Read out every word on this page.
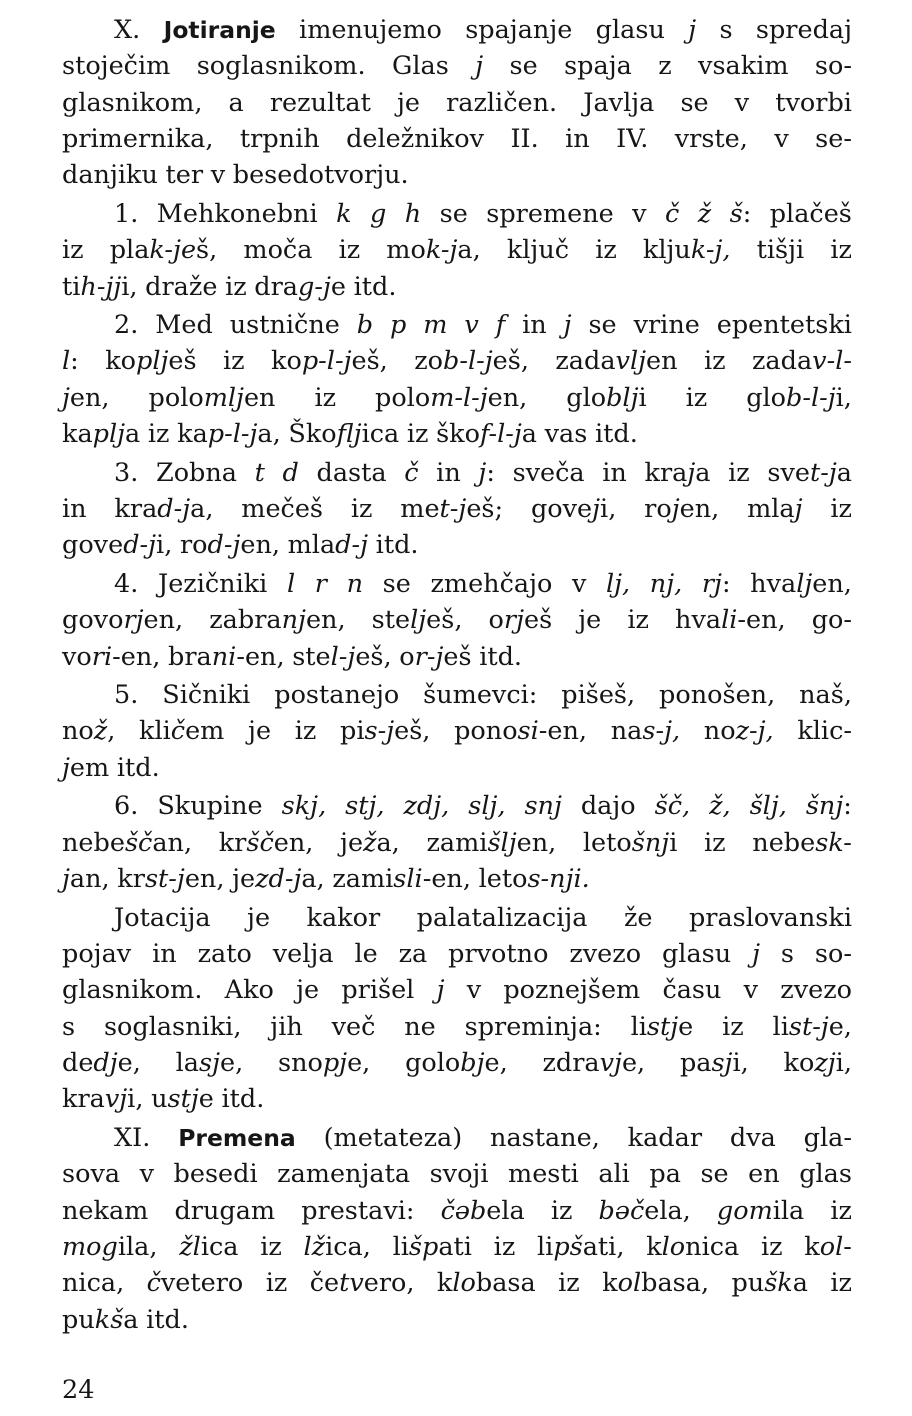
X. Jotiranje imenujemo spajanje glasu j s spredaj
stoječim soglasnikom. Glas j se spaja z vsakim so-
glasnikom, a rezultat je različen. Javlja se v tvorbi
primernika, trpnih deležnikov II. in IV. vrste, v se-
danjiku ter v besedotvorju.
1. Mehkonebni k g h se spremene v č ž š: plačeš
iz plak-ješ, moča iz mok-ja, ključ iz kljuk-j, tišji iz
tih-jji, draže iz drag-je itd.
2. Med ustnične b p m v f in j se vrine epentetski
l: koplješ iz kop-l-ješ, zob-l-ješ, zadavljen iz zadav-l-
jen, polomljen iz polom-l-jen, globlji iz glob-l-ji,
kaplja iz kap-l-ja, Škofljica iz škof-l-ja vas itd.
3. Zobna t d dasta č in j: sveča in kraja iz svet-ja
in krad-ja, mečeš iz met-ješ; goveji, rojen, mlaj iz
goved-ji, rod-jen, mlad-j itd.
4. Jezičniki l r n se zmehčajo v lj, nj, rj: hvaljen,
govorjen, zabranjen, stelješ, orješ je iz hvali-en, go-
vori-en, brani-en, stel-ješ, or-ješ itd.
5. Sičniki postanejo šumevci: pišeš, ponošen, naš,
nož, kličem je iz pis-ješ, ponosi-en, nas-j, noz-j, klic-
jem itd.
6. Skupine skj, stj, zdj, slj, snj dajo šč, ž, šlj, šnj:
nebeščan, krščen, ježa, zamišljen, letošnji iz nebesk-
jan, krst-jen, jezd-ja, zamisli-en, letos-nji.
Jotacija je kakor palatalizacija že praslovanski
pojav in zato velja le za prvotno zvezo glasu j s so-
glasnikom. Ako je prišel j v poznejšem času v zvezo
s soglasniki, jih več ne spreminja: listje iz list-je,
dedje, lasje, snopje, golobje, zdravje, pasji, kozji,
kravji, ustje itd.
XI. Premena (metateza) nastane, kadar dva gla-
sova v besedi zamenjata svoji mesti ali pa se en glas
nekam drugam prestavi: čəbela iz bəčela, gomila iz
mogila, žlica iz lžica, lišpati iz lipšati, klonica iz kol-
nica, čvetero iz četvero, klobasa iz kolbasa, puška iz
pukša itd.
24
